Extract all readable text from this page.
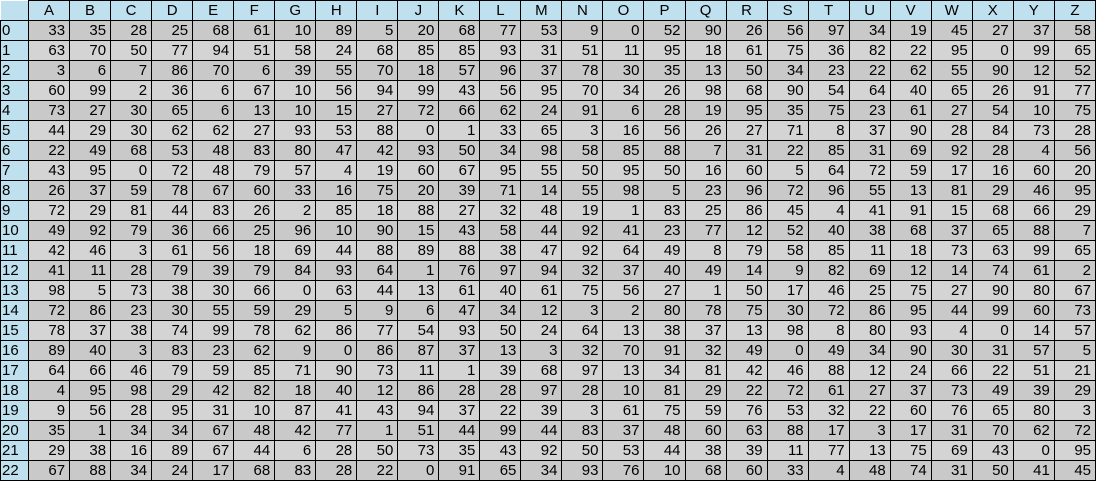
	A	B	C	D	E	F	G	H	I	J	K	L	M	N	O	P	Q	R	S	T	U	V	W	X	Y	Z
0	33	35	28	25	68	61	10	89	5	20	68	77	53	9	0	52	90	26	56	97	34	19	45	27	37	58
1	63	70	50	77	94	51	58	24	68	85	85	93	31	51	11	95	18	61	75	36	82	22	95	0	99	65
2	3	6	7	86	70	6	39	55	70	18	57	96	37	78	30	35	13	50	34	23	22	62	55	90	12	52
3	60	99	2	36	6	67	10	56	94	99	43	56	95	70	34	26	98	68	90	54	64	40	65	26	91	77
4	73	27	30	65	6	13	10	15	27	72	66	62	24	91	6	28	19	95	35	75	23	61	27	54	10	75
5	44	29	30	62	62	27	93	53	88	0	1	33	65	3	16	56	26	27	71	8	37	90	28	84	73	28
6	22	49	68	53	48	83	80	47	42	93	50	34	98	58	85	88	7	31	22	85	31	69	92	28	4	56
7	43	95	0	72	48	79	57	4	19	60	67	95	55	50	95	50	16	60	5	64	72	59	17	16	60	20
8	26	37	59	78	67	60	33	16	75	20	39	71	14	55	98	5	23	96	72	96	55	13	81	29	46	95
9	72	29	81	44	83	26	2	85	18	88	27	32	48	19	1	83	25	86	45	4	41	91	15	68	66	29
10	49	92	79	36	66	25	96	10	90	15	43	58	44	92	41	23	77	12	52	40	38	68	37	65	88	7
11	42	46	3	61	56	18	69	44	88	89	88	38	47	92	64	49	8	79	58	85	11	18	73	63	99	65
12	41	11	28	79	39	79	84	93	64	1	76	97	94	32	37	40	49	14	9	82	69	12	14	74	61	2
13	98	5	73	38	30	66	0	63	44	13	61	40	61	75	56	27	1	50	17	46	25	75	27	90	80	67
14	72	86	23	30	55	59	29	5	9	6	47	34	12	3	2	80	78	75	30	72	86	95	44	99	60	73
15	78	37	38	74	99	78	62	86	77	54	93	50	24	64	13	38	37	13	98	8	80	93	4	0	14	57
16	89	40	3	83	23	62	9	0	86	87	37	13	3	32	70	91	32	49	0	49	34	90	30	31	57	5
17	64	66	46	79	59	85	71	90	73	11	1	39	68	97	13	34	81	42	46	88	12	24	66	22	51	21
18	4	95	98	29	42	82	18	40	12	86	28	28	97	28	10	81	29	22	72	61	27	37	73	49	39	29
19	9	56	28	95	31	10	87	41	43	94	37	22	39	3	61	75	59	76	53	32	22	60	76	65	80	3
20	35	1	34	34	67	48	42	77	1	51	44	99	44	83	37	48	60	63	88	17	3	17	31	70	62	72
21	29	38	16	89	67	44	6	28	50	73	35	43	92	50	53	44	38	39	11	77	13	75	69	43	0	95
22	67	88	34	24	17	68	83	28	22	0	91	65	34	93	76	10	68	60	33	4	48	74	31	50	41	45
